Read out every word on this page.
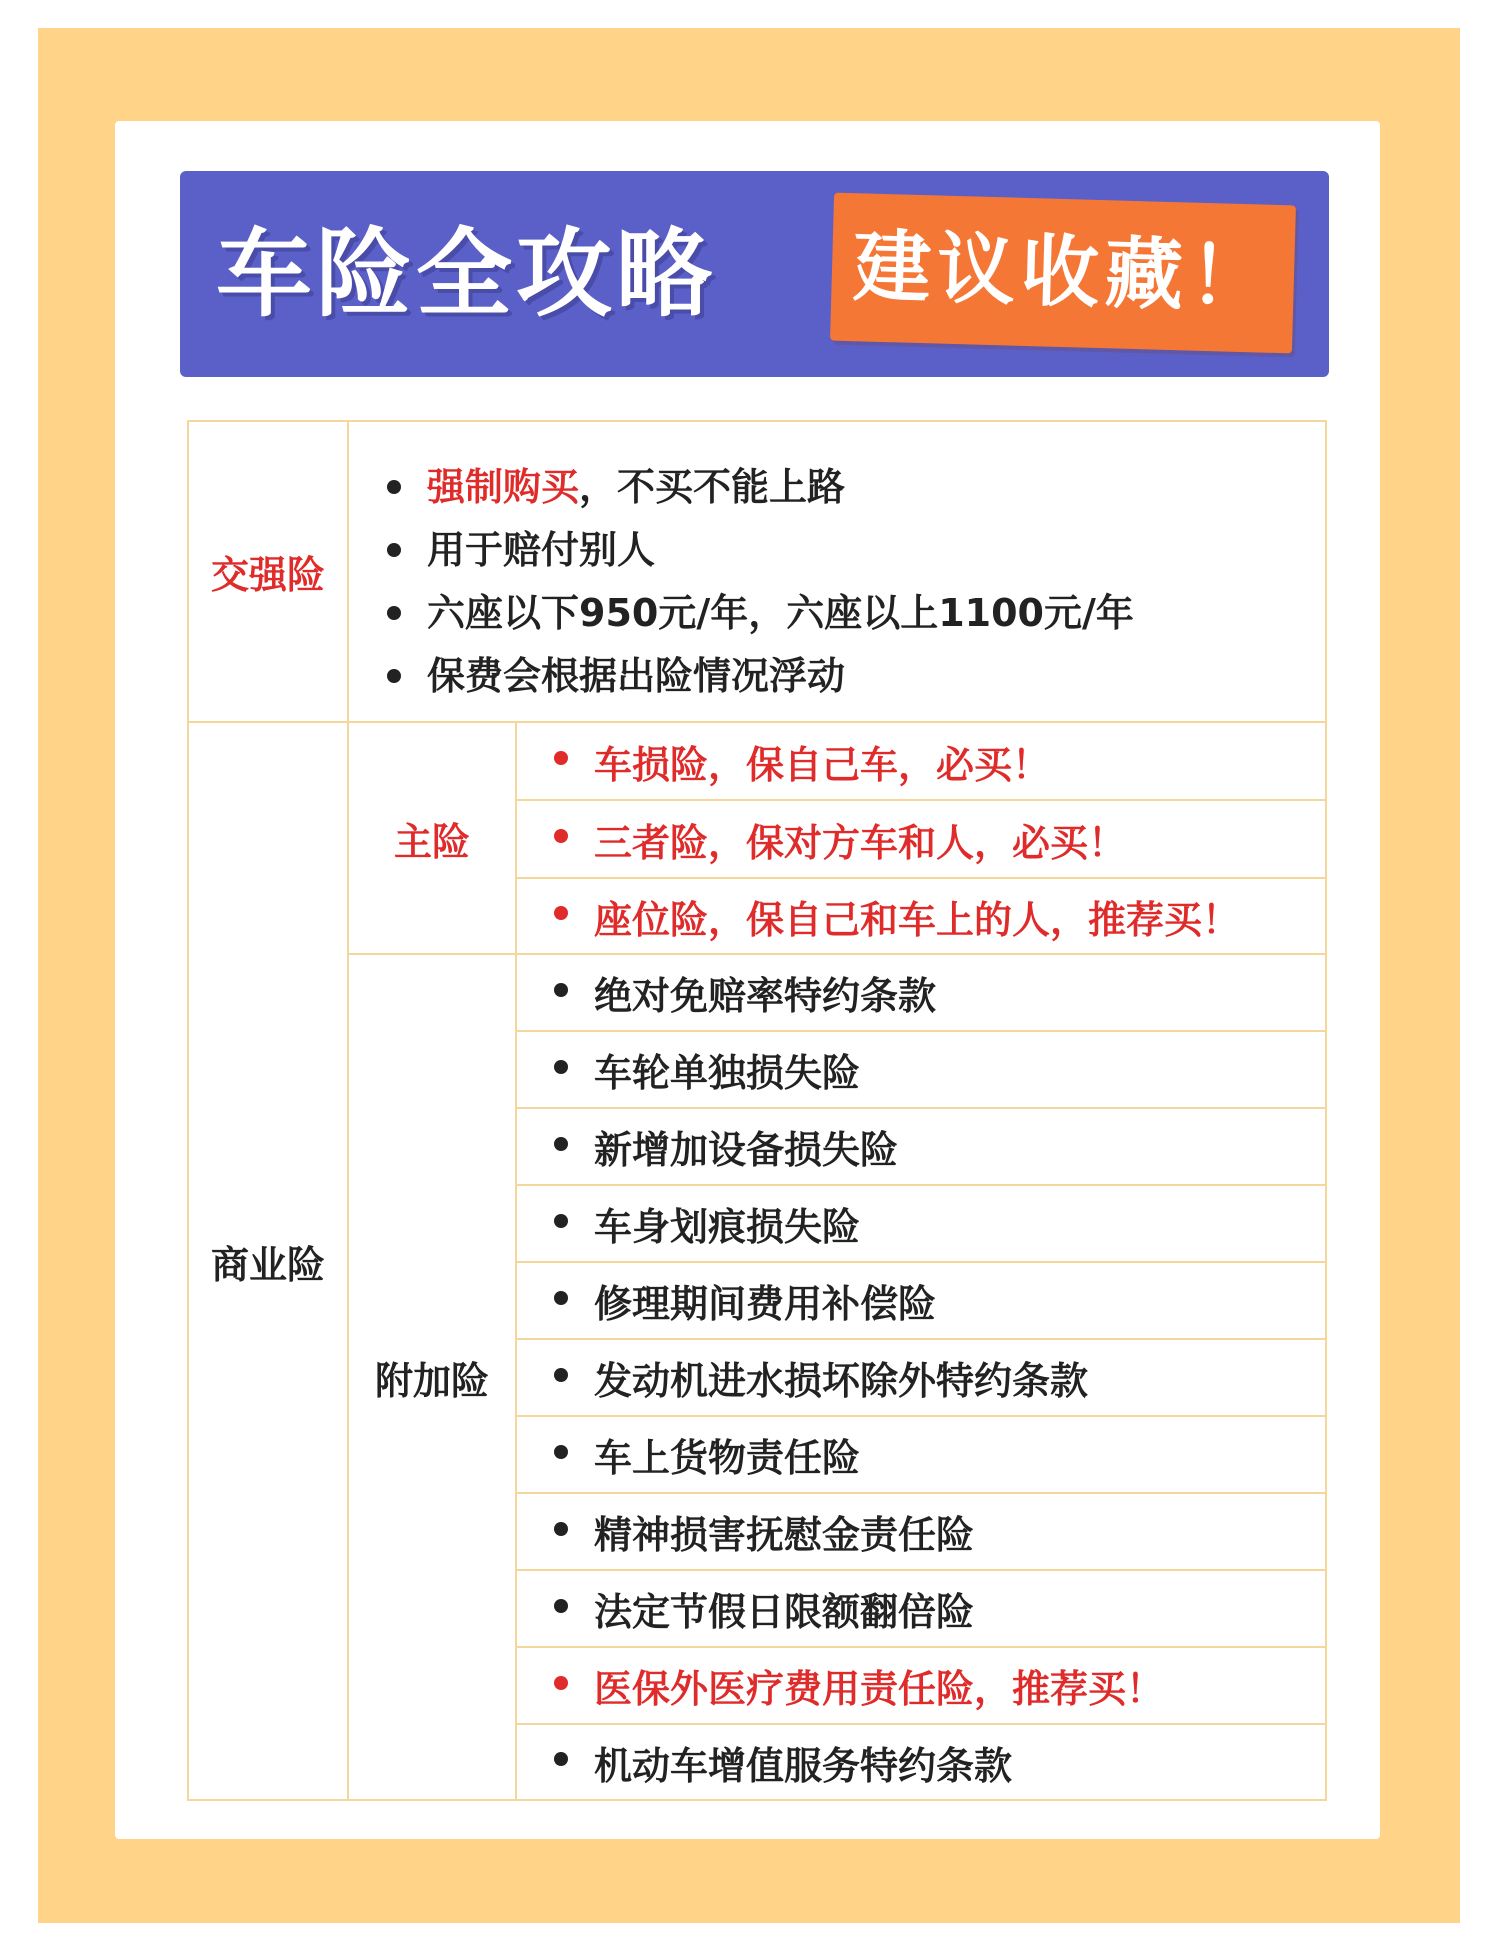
车险全攻略 建议收藏！
交强险
强制购买，不买不能上路
用于赔付别人
六座以下950元/年，六座以上1100元/年
保费会根据出险情况浮动
商业险
主险
车损险，保自己车，必买！
三者险，保对方车和人，必买！
座位险，保自己和车上的人，推荐买！
附加险
绝对免赔率特约条款
车轮单独损失险
新增加设备损失险
车身划痕损失险
修理期间费用补偿险
发动机进水损坏除外特约条款
车上货物责任险
精神损害抚慰金责任险
法定节假日限额翻倍险
医保外医疗费用责任险，推荐买！
机动车增值服务特约条款
